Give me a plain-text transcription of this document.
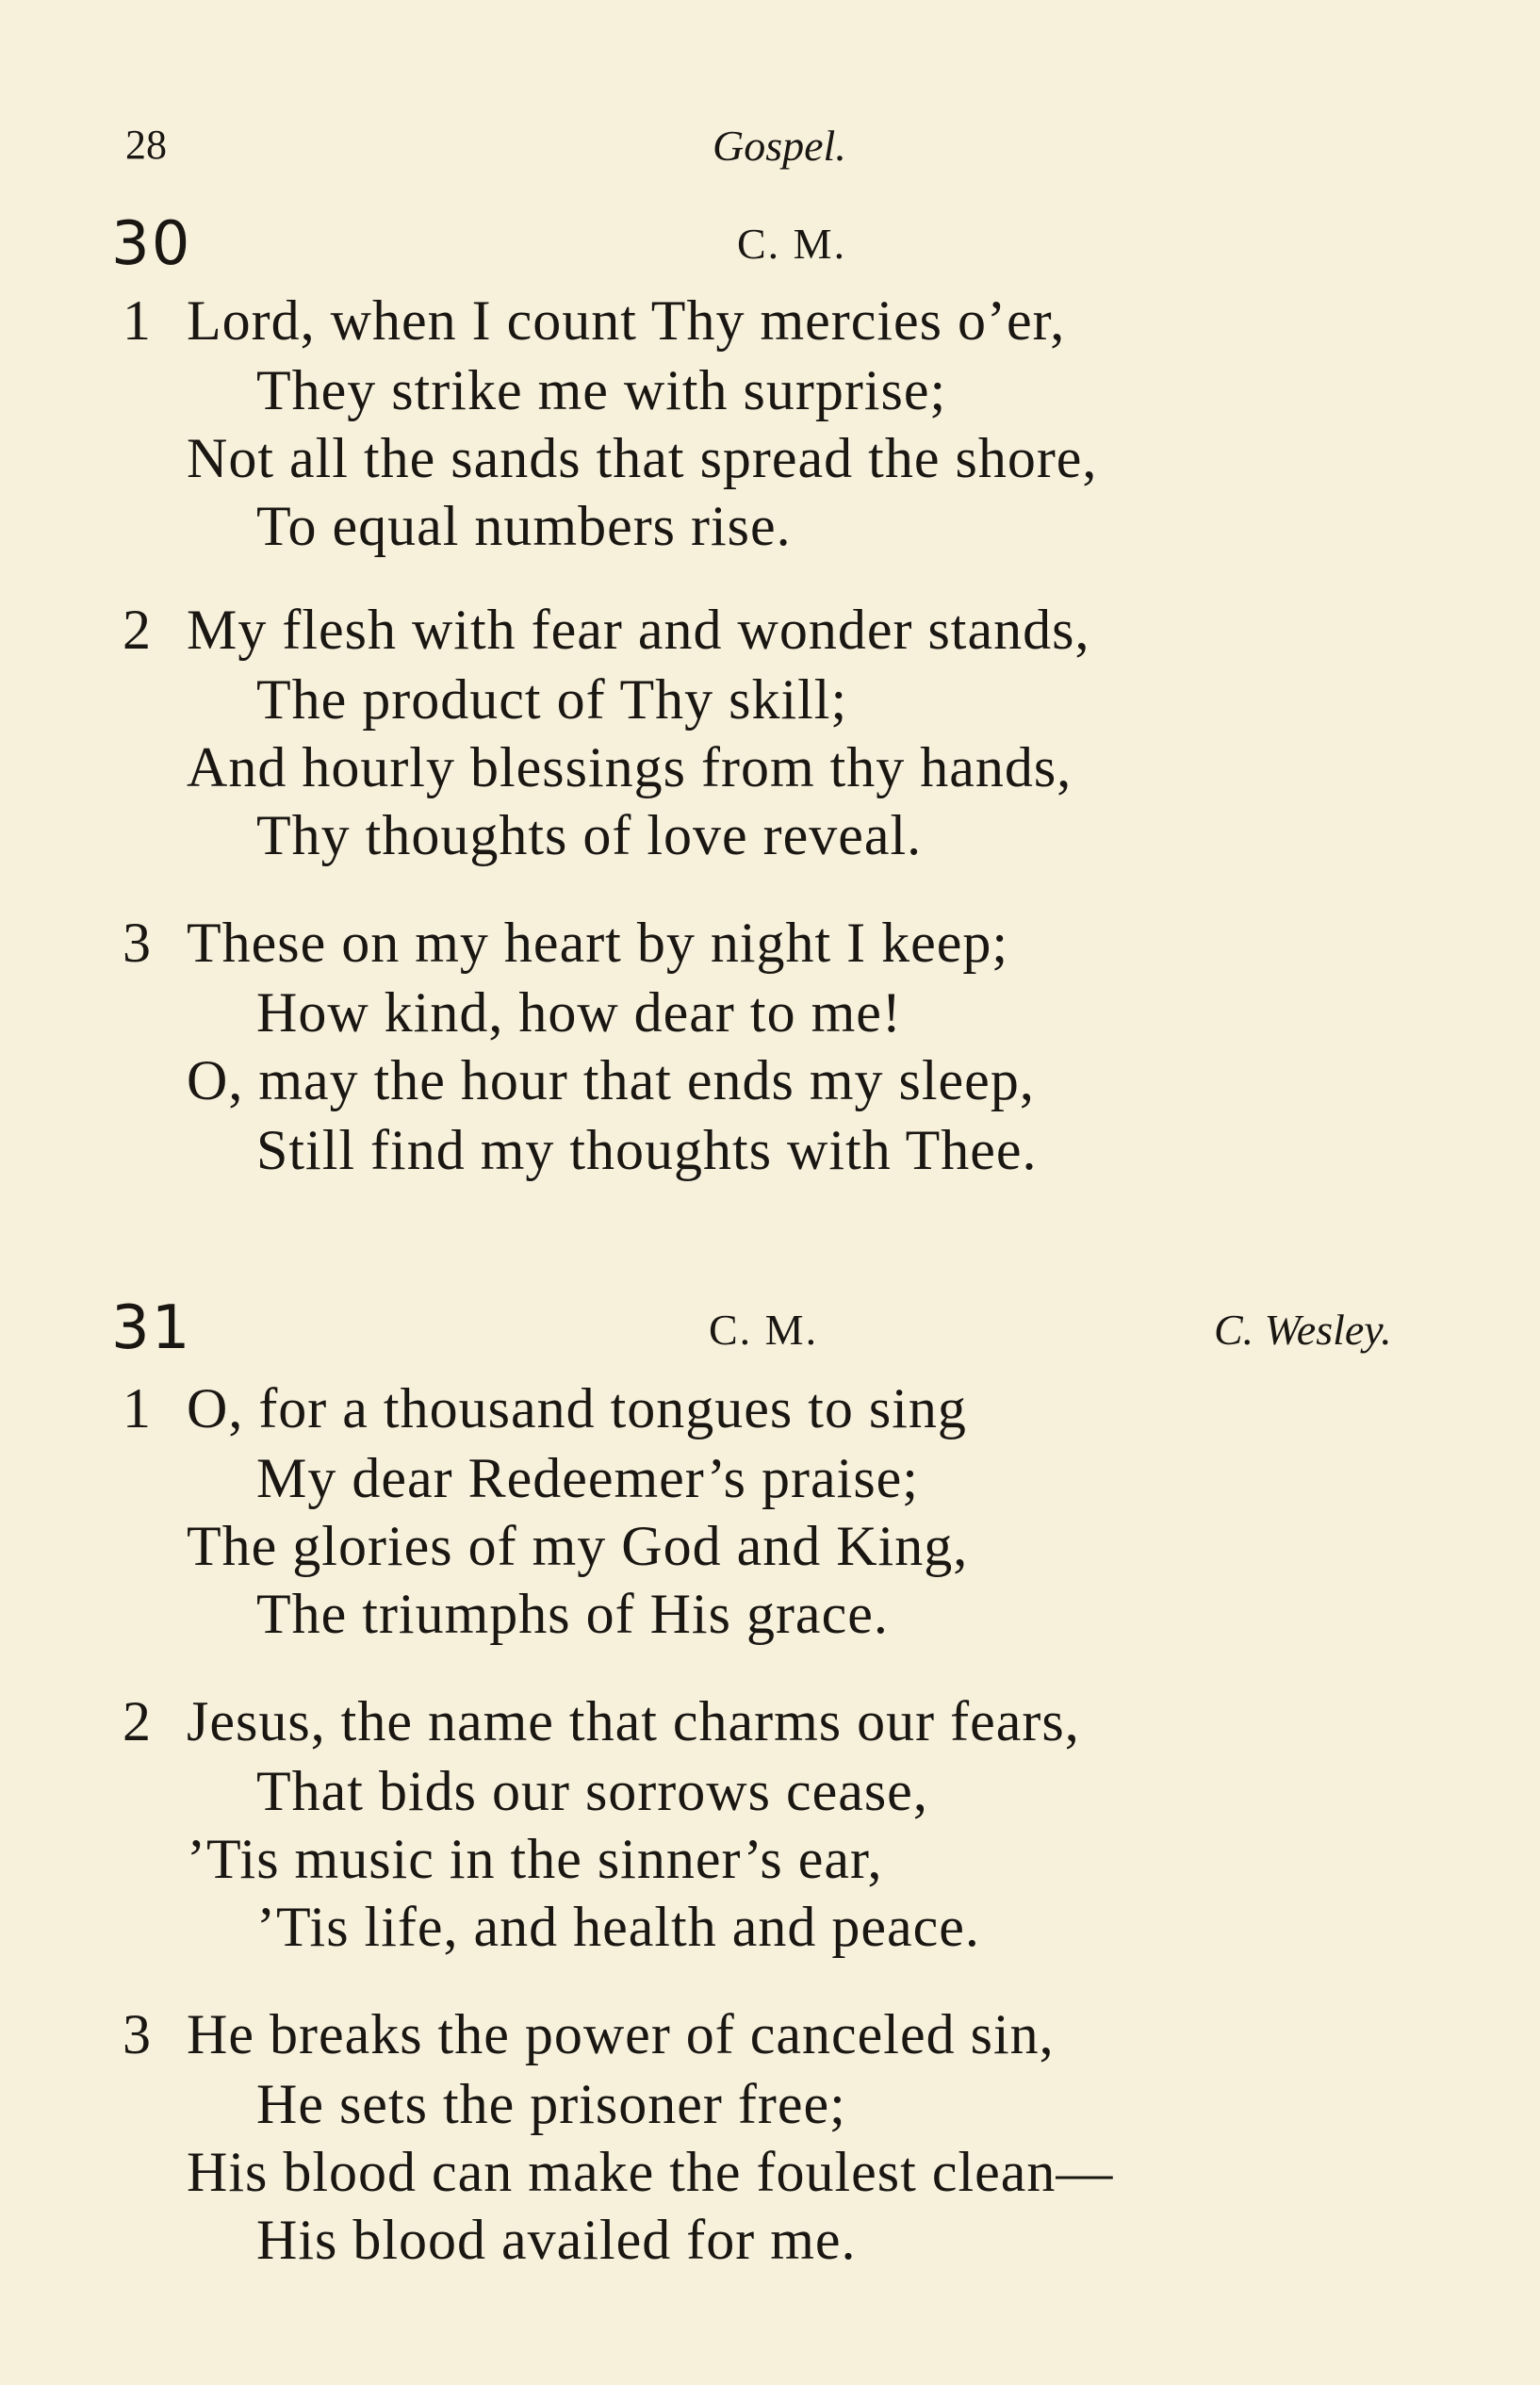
28	Gospel.
30	C. M.
1 Lord, when I count Thy mercies o’er,
They strike me with surprise;
Not all the sands that spread the shore,
To equal numbers rise.
2 My flesh with fear and wonder stands,
The product of Thy skill;
And hourly blessings from thy hands,
Thy thoughts of love reveal.
3 These on my heart by night I keep;
How kind, how dear to me!
O, may the hour that ends my sleep,
Still find my thoughts with Thee.
31	C. M.	C. Wesley.
1 O, for a thousand tongues to sing
My dear Redeemer’s praise;
The glories of my God and King,
The triumphs of His grace.
2 Jesus, the name that charms our fears,
That bids our sorrows cease,
’Tis music in the sinner’s ear,
’Tis life, and health and peace.
3 He breaks the power of canceled sin,
He sets the prisoner free;
His blood can make the foulest clean—
His blood availed for me.
